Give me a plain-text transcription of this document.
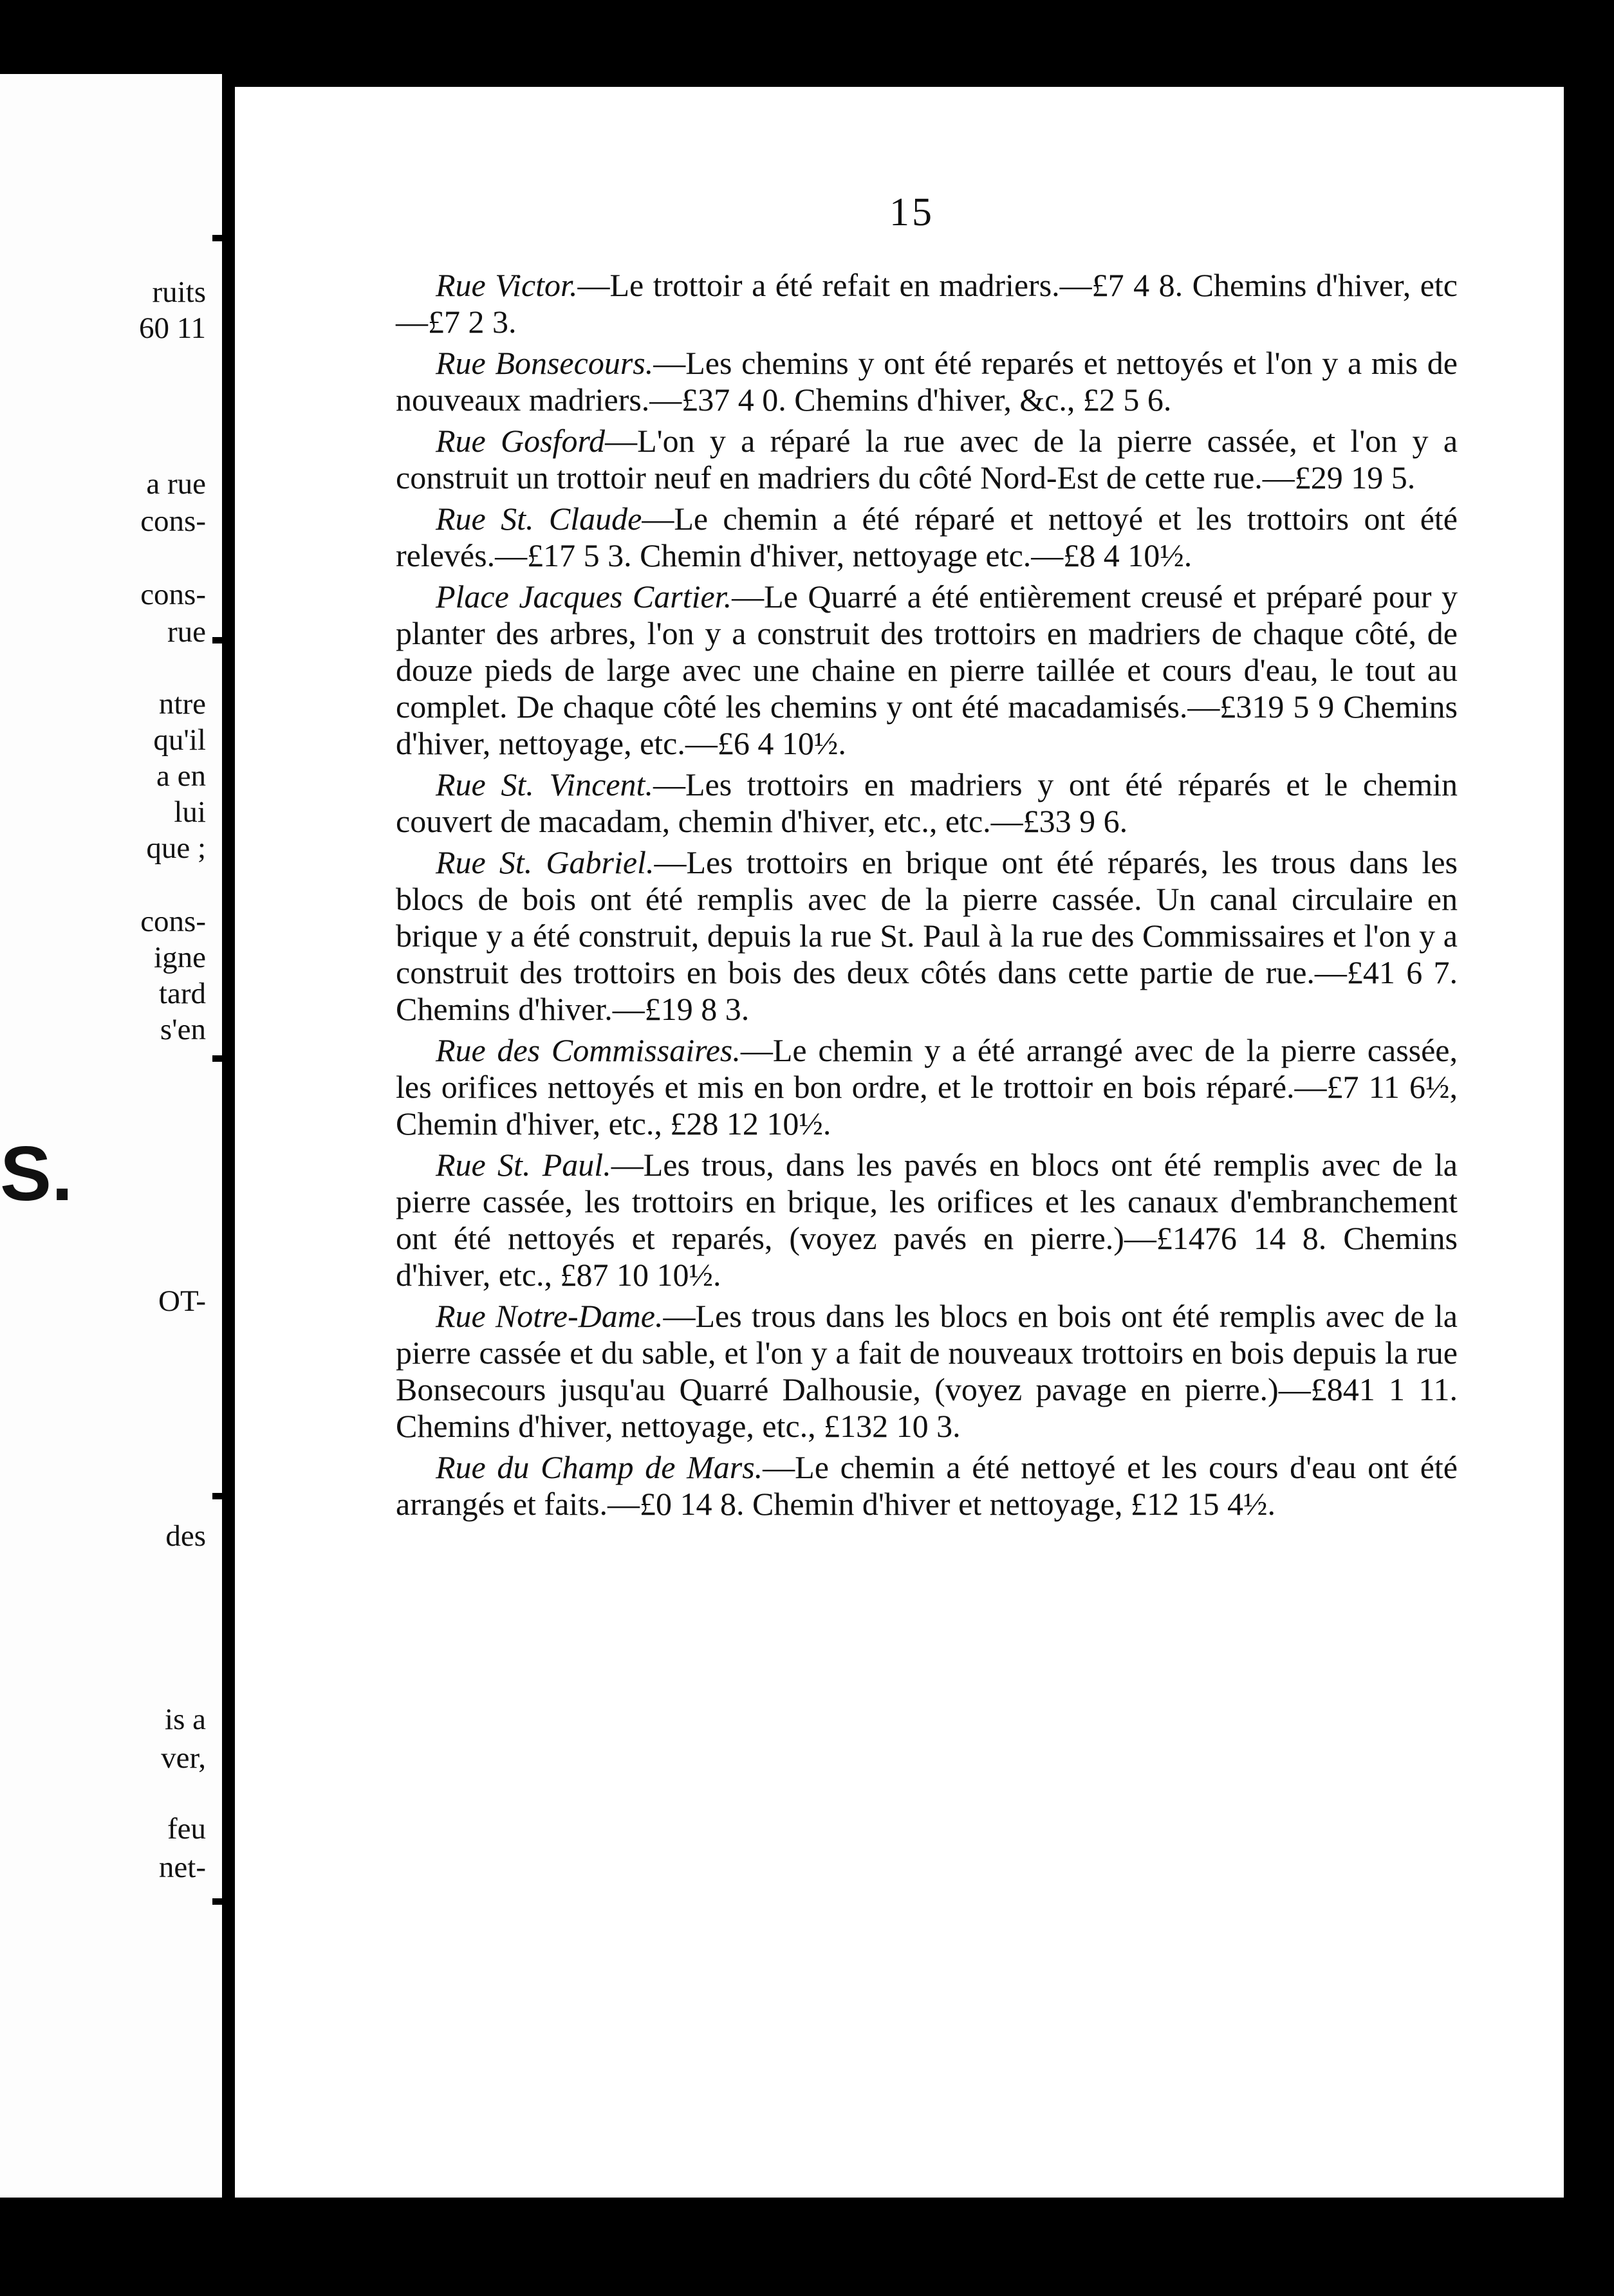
ruits
60 11
a rue
cons-
cons-
rue
ntre
qu'il
a en
lui
que ;
cons-
igne
tard
s'en
S.
OT-
des
is a
ver,
feu
net-
15

Rue Victor.—Le trottoir a été refait en madriers.—£7 4 8. Chemins d'hiver, etc—£7 2 3.

Rue Bonsecours.—Les chemins y ont été reparés et nettoyés et l'on y a mis de nouveaux madriers.—£37 4 0. Chemins d'hiver, &c., £2 5 6.

Rue Gosford—L'on y a réparé la rue avec de la pierre cassée, et l'on y a construit un trottoir neuf en madriers du côté Nord-Est de cette rue.—£29 19 5.

Rue St. Claude—Le chemin a été réparé et nettoyé et les trottoirs ont été relevés.—£17 5 3. Chemin d'hiver, nettoyage etc.—£8 4 10½.

Place Jacques Cartier.—Le Quarré a été entièrement creusé et préparé pour y planter des arbres, l'on y a construit des trottoirs en madriers de chaque côté, de douze pieds de large avec une chaine en pierre taillée et cours d'eau, le tout au complet. De chaque côté les chemins y ont été macadamisés.—£319 5 9 Chemins d'hiver, nettoyage, etc.—£6 4 10½.

Rue St. Vincent.—Les trottoirs en madriers y ont été réparés et le chemin couvert de macadam, chemin d'hiver, etc., etc.—£33 9 6.

Rue St. Gabriel.—Les trottoirs en brique ont été réparés, les trous dans les blocs de bois ont été remplis avec de la pierre cassée. Un canal circulaire en brique y a été construit, depuis la rue St. Paul à la rue des Commissaires et l'on y a construit des trottoirs en bois des deux côtés dans cette partie de rue.—£41 6 7. Chemins d'hiver.—£19 8 3.

Rue des Commissaires.—Le chemin y a été arrangé avec de la pierre cassée, les orifices nettoyés et mis en bon ordre, et le trottoir en bois réparé.—£7 11 6½, Chemin d'hiver, etc., £28 12 10½.

Rue St. Paul.—Les trous, dans les pavés en blocs ont été remplis avec de la pierre cassée, les trottoirs en brique, les orifices et les canaux d'embranchement ont été nettoyés et reparés, (voyez pavés en pierre.)—£1476 14 8. Chemins d'hiver, etc., £87 10 10½.

Rue Notre-Dame.—Les trous dans les blocs en bois ont été remplis avec de la pierre cassée et du sable, et l'on y a fait de nouveaux trottoirs en bois depuis la rue Bonsecours jusqu'au Quarré Dalhousie, (voyez pavage en pierre.)—£841 1 11. Chemins d'hiver, nettoyage, etc., £132 10 3.

Rue du Champ de Mars.—Le chemin a été nettoyé et les cours d'eau ont été arrangés et faits.—£0 14 8. Chemin d'hiver et nettoyage, £12 15 4½.
